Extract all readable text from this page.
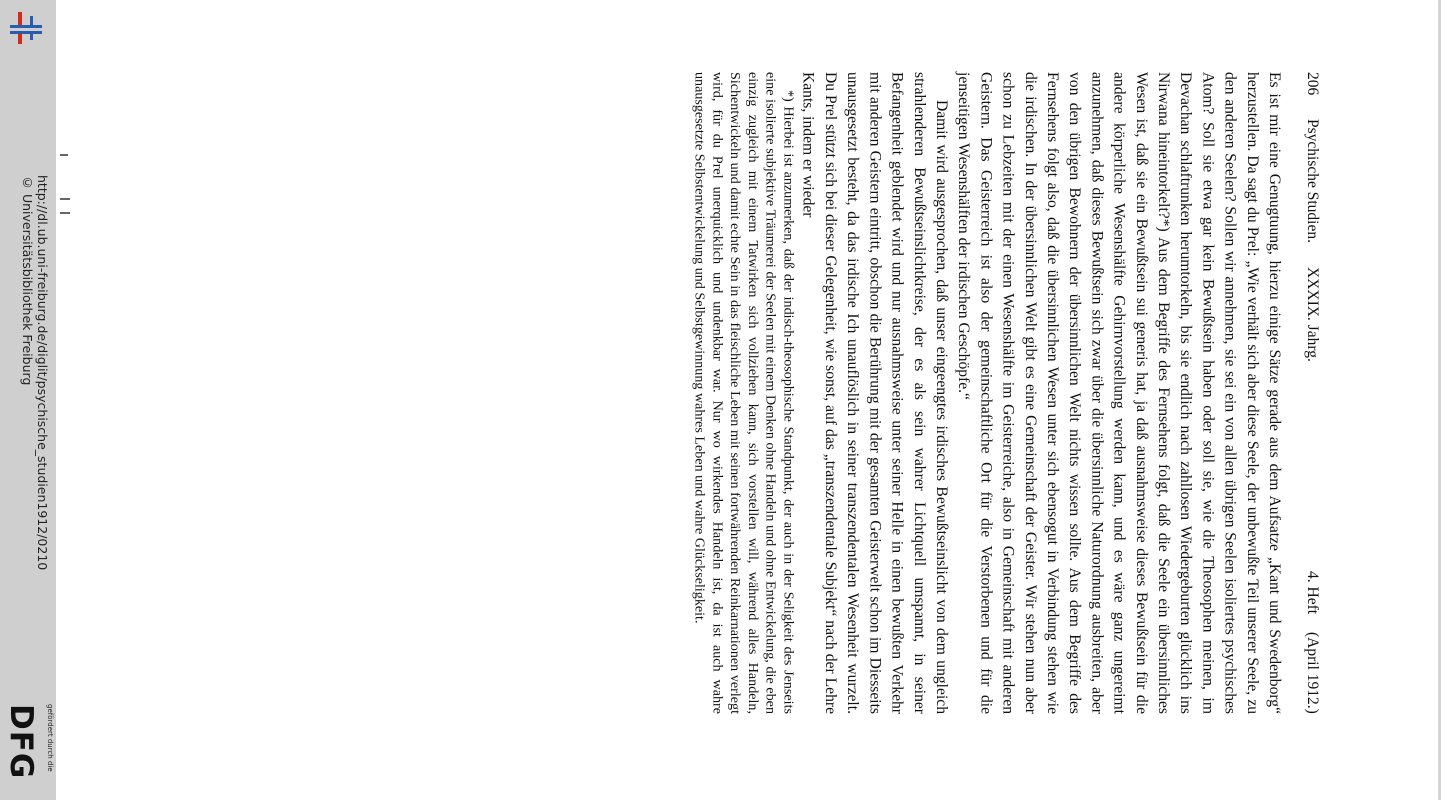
http://dl.ub.uni-freiburg.de/diglit/psychische_studien1912/0210
© Universitätsbibliothek Freiburg
gefördert durch die
DFG
206
Psychische Studien.
XXXIX. Jahrg.
4. Heft
(April 1912.)

Es ist mir eine Genugtuung, hierzu einige Sätze gerade aus dem Aufsatze „Kant und Swedenborg“ herzustellen. Da sagt du Prel: „Wie verhält sich aber diese Seele, der unbewußte Teil unserer Seele, zu den anderen Seelen? Sollen wir annehmen, sie sei ein von allen übrigen Seelen isoliertes psychisches Atom? Soll sie etwa gar kein Bewußtsein haben oder soll sie, wie die Theosophen meinen, im Devachan schlaftrunken herumtorkeln, bis sie endlich nach zahllosen Wiedergeburten glücklich ins Nirwana hineintorkelt?*) Aus dem Begriffe des Fernsehens folgt, daß die Seele ein übersinnliches Wesen ist, daß sie ein Bewußtsein sui generis hat, ja daß ausnahmsweise dieses Bewußtsein für die andere körperliche Wesenshälfte Gehirnvorstellung werden kann, und es wäre ganz ungereimt anzunehmen, daß dieses Bewußtsein sich zwar über die übersinnliche Naturordnung ausbreiten, aber von den übrigen Bewohnern der übersinnlichen Welt nichts wissen sollte. Aus dem Begriffe des Fernsehens folgt also, daß die übersinnlichen Wesen unter sich ebensogut in Verbindung stehen wie die irdischen. In der übersinnlichen Welt gibt es eine Gemeinschaft der Geister. Wir stehen nun aber schon zu Lebzeiten mit der einen Wesenshälfte im Geisterreiche, also in Gemeinschaft mit anderen Geistern. Das Geisterreich ist also der gemeinschaftliche Ort für die Verstorbenen und für die jenseitigen Wesenshälften der irdischen Geschöpfe.“

Damit wird ausgesprochen, daß unser eingeengtes irdisches Bewußtseinslicht von dem ungleich strahlenderen Bewußtseinslichtkreise, der es als sein wahrer Lichtquell umspannt, in seiner Befangenheit geblendet wird und nur ausnahmsweise unter seiner Helle in einen bewußten Verkehr mit anderen Geistern eintritt, obschon die Berührung mit der gesamten Geisterwelt schon im Diesseits unausgesetzt besteht, da das irdische Ich unauflöslich in seiner transzendentalen Wesenheit wurzelt. Du Prel stützt sich bei dieser Gelegenheit, wie sonst, auf das „transzendentale Subjekt“ nach der Lehre Kants, indem er wieder

*) Hierbei ist anzumerken, daß der indisch-theosophische Standpunkt, der auch in der Seligkeit des Jenseits eine isolierte subjektive Träumerei der Seelen mit einem Denken ohne Handeln und ohne Entwickelung, die eben einzig zugleich mit einem Tatwirken sich vollziehen kann, sich vorstellen will, während alles Handeln, Sichentwickeln und damit echte Sein in das fleischliche Leben mit seinen fortwährenden Reinkarnationen verlegt wird, für du Prel unerquicklich und undenkbar war. Nur wo wirkendes Handeln ist, da ist auch wahre unausgesetzte Selbstentwickelung und Selbstgewinnung wahres Leben und wahre Glückseligkeit.
